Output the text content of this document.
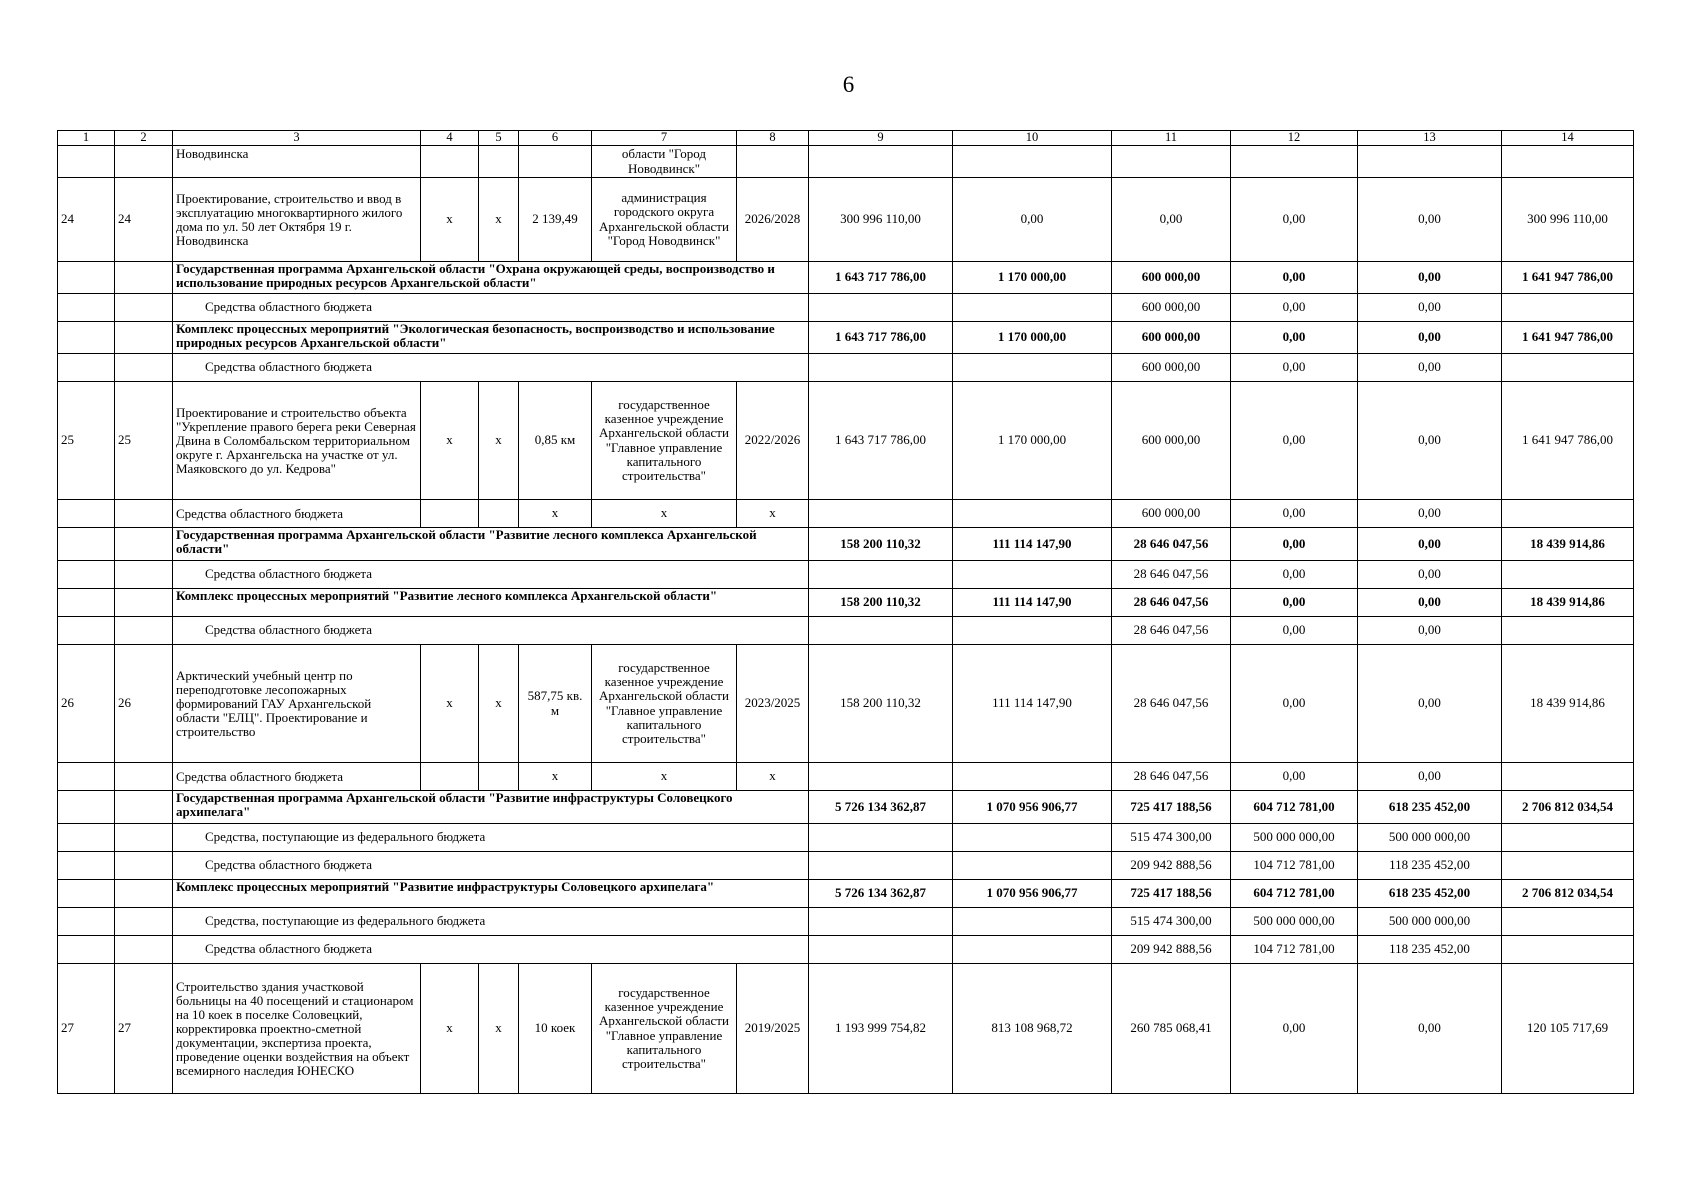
6
1	2	3	4	5	6	7	8	9	10	11	12	13	14
		Новодвинска				области "Город Новодвинск"							
24	24	Проектирование, строительство и ввод в эксплуатацию многоквартирного жилого дома по ул. 50 лет Октября 19 г. Новодвинска	x	x	2 139,49	администрация городского округа Архангельской области "Город Новодвинск"	2026/2028	300 996 110,00	0,00	0,00	0,00	0,00	300 996 110,00
		Государственная программа Архангельской области "Охрана окружающей среды, воспроизводство и использование природных ресурсов Архангельской области"						1 643 717 786,00	1 170 000,00	600 000,00	0,00	0,00	1 641 947 786,00
		Средства областного бюджета								600 000,00	0,00	0,00	
		Комплекс процессных мероприятий "Экологическая безопасность, воспроизводство и использование природных ресурсов Архангельской области"						1 643 717 786,00	1 170 000,00	600 000,00	0,00	0,00	1 641 947 786,00
		Средства областного бюджета								600 000,00	0,00	0,00	
25	25	Проектирование и строительство объекта "Укрепление правого берега реки Северная Двина в Соломбальском территориальном округе г. Архангельска на участке от ул. Маяковского до ул. Кедрова"	x	x	0,85 км	государственное казенное учреждение Архангельской области "Главное управление капитального строительства"	2022/2026	1 643 717 786,00	1 170 000,00	600 000,00	0,00	0,00	1 641 947 786,00
		Средства областного бюджета			x	x	x			600 000,00	0,00	0,00	
		Государственная программа Архангельской области "Развитие лесного комплекса Архангельской области"						158 200 110,32	111 114 147,90	28 646 047,56	0,00	0,00	18 439 914,86
		Средства областного бюджета								28 646 047,56	0,00	0,00	
		Комплекс процессных мероприятий "Развитие лесного комплекса Архангельской области"						158 200 110,32	111 114 147,90	28 646 047,56	0,00	0,00	18 439 914,86
		Средства областного бюджета								28 646 047,56	0,00	0,00	
26	26	Арктический учебный центр по переподготовке лесопожарных формирований ГАУ Архангельской области "ЕЛЦ". Проектирование и строительство	x	x	587,75 кв. м	государственное казенное учреждение Архангельской области "Главное управление капитального строительства"	2023/2025	158 200 110,32	111 114 147,90	28 646 047,56	0,00	0,00	18 439 914,86
		Средства областного бюджета			x	x	x			28 646 047,56	0,00	0,00	
		Государственная программа Архангельской области "Развитие инфраструктуры Соловецкого архипелага"						5 726 134 362,87	1 070 956 906,77	725 417 188,56	604 712 781,00	618 235 452,00	2 706 812 034,54
		Средства, поступающие из федерального бюджета								515 474 300,00	500 000 000,00	500 000 000,00	
		Средства областного бюджета								209 942 888,56	104 712 781,00	118 235 452,00	
		Комплекс процессных мероприятий "Развитие инфраструктуры Соловецкого архипелага"						5 726 134 362,87	1 070 956 906,77	725 417 188,56	604 712 781,00	618 235 452,00	2 706 812 034,54
		Средства, поступающие из федерального бюджета								515 474 300,00	500 000 000,00	500 000 000,00	
		Средства областного бюджета								209 942 888,56	104 712 781,00	118 235 452,00	
27	27	Строительство здания участковой больницы на 40 посещений и стационаром на 10 коек в поселке Соловецкий, корректировка проектно-сметной документации, экспертиза проекта, проведение оценки воздействия на объект всемирного наследия ЮНЕСКО	x	x	10 коек	государственное казенное учреждение Архангельской области "Главное управление капитального строительства"	2019/2025	1 193 999 754,82	813 108 968,72	260 785 068,41	0,00	0,00	120 105 717,69
